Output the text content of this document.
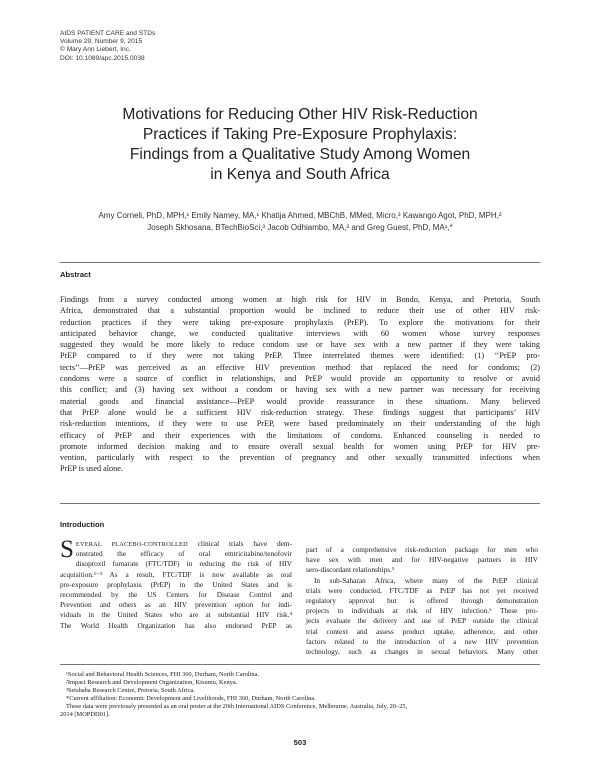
AIDS PATIENT CARE and STDs
Volume 29, Number 9, 2015
© Mary Ann Liebert, Inc.
DOI: 10.1089/apc.2015.0038
Motivations for Reducing Other HIV Risk-Reduction
Practices if Taking Pre-Exposure Prophylaxis:
Findings from a Qualitative Study Among Women
in Kenya and South Africa
Amy Corneli, PhD, MPH,¹ Emily Namey, MA,¹ Khatija Ahmed, MBChB, MMed, Micro,³ Kawango Agot, PhD, MPH,²
Joseph Skhosana, BTechBioSci,³ Jacob Odhiambo, MA,² and Greg Guest, PhD, MA¹,*
Abstract
Findings from a survey conducted among women at high risk for HIV in Bondo, Kenya, and Pretoria, South
Africa, demonstrated that a substantial proportion would be inclined to reduce their use of other HIV risk-
reduction practices if they were taking pre-exposure prophylaxis (PrEP). To explore the motivations for their
anticipated behavior change, we conducted qualitative interviews with 60 women whose survey responses
suggested they would be more likely to reduce condom use or have sex with a new partner if they were taking
PrEP compared to if they were not taking PrEP. Three interrelated themes were identified: (1) ‘‘PrEP pro-
tects’’—PrEP was perceived as an effective HIV prevention method that replaced the need for condoms; (2)
condoms were a source of conflict in relationships, and PrEP would provide an opportunity to resolve or avoid
this conflict; and (3) having sex without a condom or having sex with a new partner was necessary for receiving
material goods and financial assistance—PrEP would provide reassurance in these situations. Many believed
that PrEP alone would be a sufficient HIV risk-reduction strategy. These findings suggest that participants’ HIV
risk-reduction intentions, if they were to use PrEP, were based predominately on their understanding of the high
efficacy of PrEP and their experiences with the limitations of condoms. Enhanced counseling is needed to
promote informed decision making and to ensure overall sexual health for women using PrEP for HIV pre-
vention, particularly with respect to the prevention of pregnancy and other sexually transmitted infections when
PrEP is used alone.
Introduction
S EVERAL PLACEBO-CONTROLLED clinical trials have dem-
onstrated the efficacy of oral emtricitabine/tenofovir
disoproxil fumarate (FTC/TDF) in reducing the risk of HIV
acquisition.¹⁻³ As a result, FTC/TDF is now available as oral
pre-exposure prophylaxis (PrEP) in the United States and is
recommended by the US Centers for Disease Control and
Prevention and others as an HIV prevention option for indi-
viduals in the United States who are at substantial HIV risk.⁴
The World Health Organization has also endorsed PrEP as
part of a comprehensive risk-reduction package for men who
have sex with men and for HIV-negative partners in HIV
sero-discordant relationships.⁵
In sub-Saharan Africa, where many of the PrEP clinical
trials were conducted, FTC/TDF as PrEP has not yet received
regulatory approval but is offered through demonstration
projects to individuals at risk of HIV infection.⁶ These pro-
jects evaluate the delivery and use of PrEP outside the clinical
trial context and assess product uptake, adherence, and other
factors related to the introduction of a new HIV prevention
technology, such as changes in sexual behaviors. Many other
¹Social and Behavioral Health Sciences, FHI 360, Durham, North Carolina.
²Impact Research and Development Organization, Kisumu, Kenya.
³Setshaba Research Centre, Pretoria, South Africa.
*Current affiliation: Economic Development and Livelihoods, FHI 360, Durham, North Carolina.
These data were previously presented as an oral poster at the 20th International AIDS Conference, Melbourne, Australia, July, 20–25,
2014 [MOPDD01].
503
